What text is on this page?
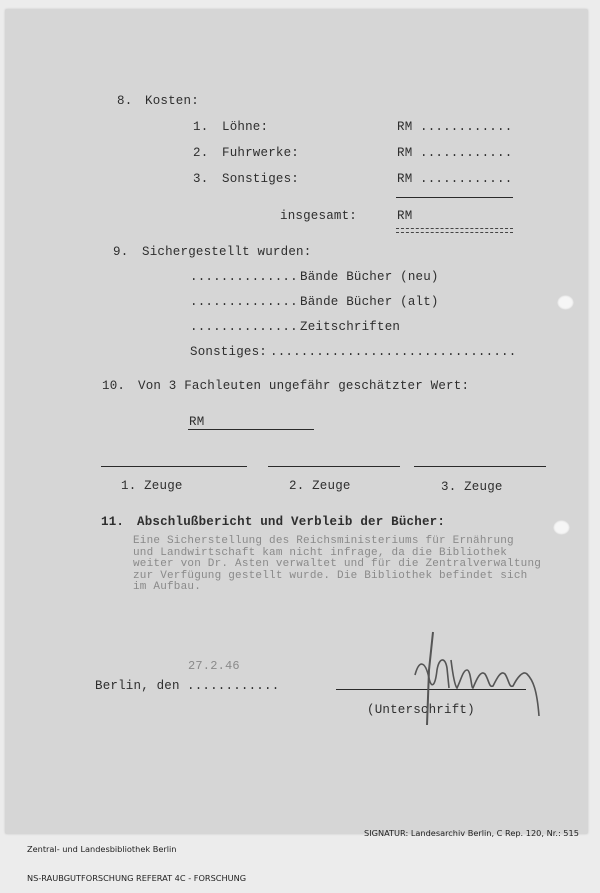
8. Kosten:
1. Löhne:	RM ............
2. Fuhrwerke:	RM ............
3. Sonstiges:	RM ............
insgesamt:	RM
9. Sichergestellt wurden:
.............. Bände Bücher (neu)
.............. Bände Bücher (alt)
.............. Zeitschriften
Sonstiges: ................................
10. Von 3 Fachleuten ungefähr geschätzter Wert:
RM
1. Zeuge	2. Zeuge	3. Zeuge
11. Abschlußbericht und Verbleib der Bücher:
Eine Sicherstellung des Reichsministeriums für Ernährung
und Landwirtschaft kam nicht infrage, da die Bibliothek
weiter von Dr. Asten verwaltet und für die Zentralverwaltung
zur Verfügung gestellt wurde. Die Bibliothek befindet sich
im Aufbau.
27.2.46
Berlin, den ............
(Unterschrift)

Zentral- und Landesbibliothek Berlin

NS-RAUBGUTFORSCHUNG REFERAT 4C - FORSCHUNG

SIGNATUR: Landesarchiv Berlin, C Rep. 120, Nr.: 515
